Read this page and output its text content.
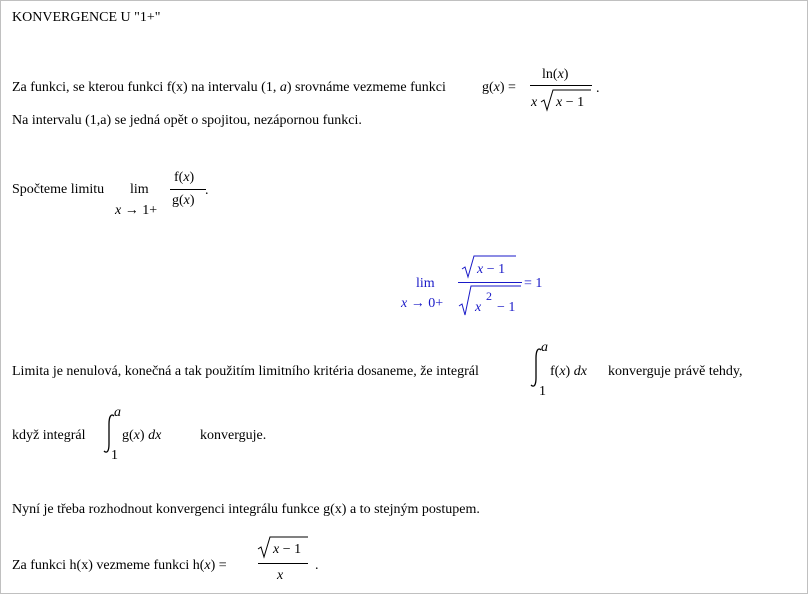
KONVERGENCE U "1+"
Za funkci, se kterou funkci f(x) na intervalu (1, a) srovnáme vezmeme funkci	g(x) =
ln(x)
x x − 1
.
Na intervalu (1,a) se jedná opět o spojitou, nezápornou funkci.
Spočteme limitu lim
x → 1+
f(x)
g(x)
.
lim
x → 0+
x − 1
x
2
− 1
= 1
Limita je nenulová, konečná a tak použitím limitního kritéria dosaneme, že integrál
a
1
f(x) dx konverguje právě tehdy,
když integrál
a
1
g(x) dx	konverguje.
Nyní je třeba rozhodnout konvergenci integrálu funkce g(x) a to stejným postupem.
Za funkci h(x) vezmeme funkci h(x) =
x − 1
x
.
